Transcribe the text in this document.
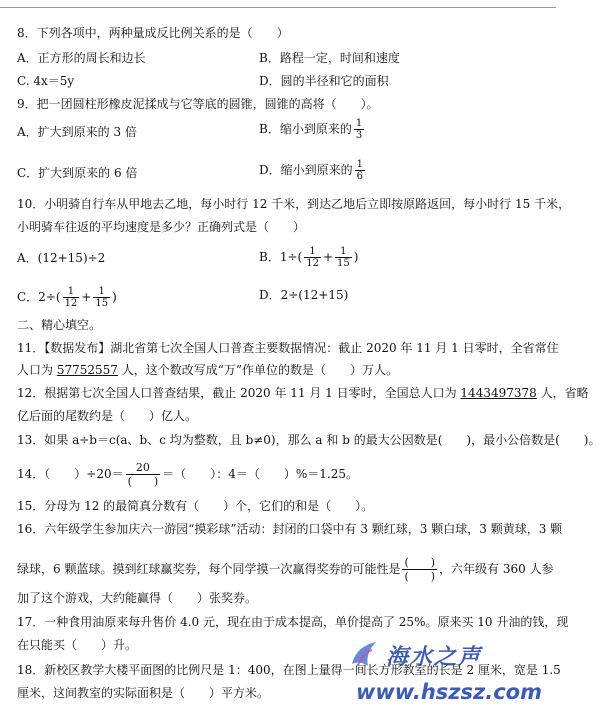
8．下列各项中，两种量成反比例关系的是（　　）
A．正方形的周长和边长	B．路程一定，时间和速度
C. 4x＝5y	D．圆的半径和它的面积
9．把一团圆柱形橡皮泥揉成与它等底的圆锥，圆锥的高将（　　）。
A．扩大到原来的 3 倍	B．缩小到原来的 $\frac{1}{3}$
C．扩大到原来的 6 倍	D．缩小到原来的 $\frac{1}{6}$
10．小明骑自行车从甲地去乙地，每小时行 12 千米，到达乙地后立即按原路返回，每小时行 15 千米，
小明骑车往返的平均速度是多少？正确列式是（　　）
A．(12+15)÷2	B．$1\div( \frac{1}{12} + \frac{1}{15}$ )
C．$2\div( \frac{1}{12} + \frac{1}{15}$ )	D．2÷(12+15)
二、精心填空。
11．【数据发布】湖北省第七次全国人口普查主要数据情况：截止 2020 年 11 月 1 日零时，全省常住
人口为 57752557 人，这个数改写成“万”作单位的数是（　　）万人。
12．根据第七次全国人口普查结果，截止 2020 年 11 月 1 日零时，全国总人口为 1443497378 人，省略
亿后面的尾数约是（　　）亿人。
13．如果 a÷b＝c(a、b、c 均为整数，且 b≠0)，那么 a 和 b 的最大公因数是(　　)，最小公倍数是(　　)。
14．（　　）$\div 20= \frac{20}{( )}$ ＝（　　）：4＝（　　）%＝1.25。
15．分母为 12 的最简真分数有（　　）个，它们的和是（　　）。
16．六年级学生参加庆六一游园“摸彩球”活动：封闭的口袋中有 3 颗红球，3 颗白球，3 颗黄球，3 颗
绿球，6 颗蓝球。摸到红球赢奖券，每个同学摸一次赢得奖券的可能性是 $\frac{( )}{( )}$ ，六年级有 360 人参
加了这个游戏，大约能赢得（　　）张奖券。
17．一种食用油原来每升售价 4.0 元，现在由于成本提高，单价提高了 25%。原来买 10 升油的钱，现
在只能买（　　）升。
18．新校区教学大楼平面图的比例尺是 1：400，在图上量得一间长方形教室的长是 2 厘米，宽是 1.5
厘米，这间教室的实际面积是（　　）平方米。
海水之声
www.hszsz.com
